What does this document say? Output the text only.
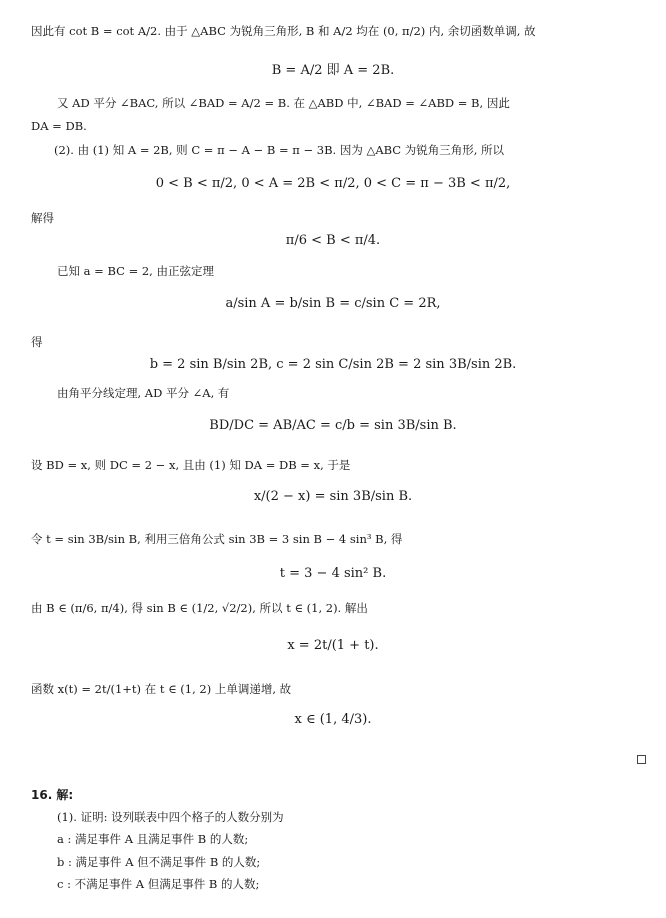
因此有 cot B = cot A/2. 由于 △ABC 为锐角三角形, B 和 A/2 均在 (0, π/2) 内, 余切函数单调, 故
B = A/2 即 A = 2B.
又 AD 平分 ∠BAC, 所以 ∠BAD = A/2 = B. 在 △ABD 中, ∠BAD = ∠ABD = B, 因此
DA = DB.
(2). 由 (1) 知 A = 2B, 则 C = π − A − B = π − 3B. 因为 △ABC 为锐角三角形, 所以
0 < B < π/2, 0 < A = 2B < π/2, 0 < C = π − 3B < π/2,
解得
π/6 < B < π/4.
已知 a = BC = 2, 由正弦定理
a/sin A = b/sin B = c/sin C = 2R,
得
b = 2 sin B/sin 2B, c = 2 sin C/sin 2B = 2 sin 3B/sin 2B.
由角平分线定理, AD 平分 ∠A, 有
BD/DC = AB/AC = c/b = sin 3B/sin B.
设 BD = x, 则 DC = 2 − x, 且由 (1) 知 DA = DB = x, 于是
x/(2 − x) = sin 3B/sin B.
令 t = sin 3B/sin B, 利用三倍角公式 sin 3B = 3 sin B − 4 sin³ B, 得
t = 3 − 4 sin² B.
由 B ∈ (π/6, π/4), 得 sin B ∈ (1/2, √2/2), 所以 t ∈ (1, 2). 解出
x = 2t/(1 + t).
函数 x(t) = 2t/(1+t) 在 t ∈ (1, 2) 上单调递增, 故
x ∈ (1, 4/3).
16. 解:
(1). 证明: 设列联表中四个格子的人数分别为
a : 满足事件 A 且满足事件 B 的人数;
b : 满足事件 A 但不满足事件 B 的人数;
c : 不满足事件 A 但满足事件 B 的人数;
